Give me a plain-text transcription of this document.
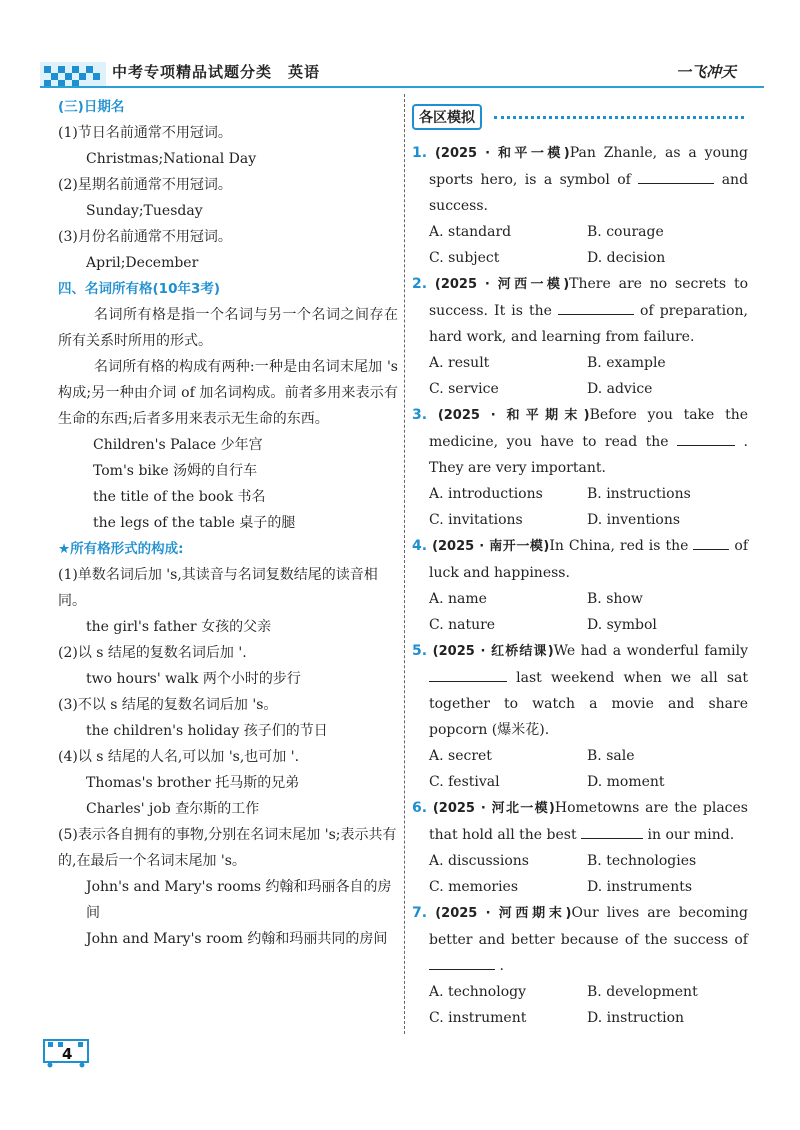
中考专项精品试题分类　英语	一飞冲天
(三)日期名
(1)节日名前通常不用冠词。
Christmas;National Day
(2)星期名前通常不用冠词。
Sunday;Tuesday
(3)月份名前通常不用冠词。
April;December
四、名词所有格(10年3考)
名词所有格是指一个名词与另一个名词之间存在所有关系时所用的形式。
名词所有格的构成有两种:一种是由名词末尾加 's构成;另一种由介词 of 加名词构成。前者多用来表示有生命的东西;后者多用来表示无生命的东西。
Children's Palace 少年宫
Tom's bike 汤姆的自行车
the title of the book 书名
the legs of the table 桌子的腿
★所有格形式的构成:
(1)单数名词后加 's,其读音与名词复数结尾的读音相同。
the girl's father 女孩的父亲
(2)以 s 结尾的复数名词后加 '.
two hours' walk 两个小时的步行
(3)不以 s 结尾的复数名词后加 's。
the children's holiday 孩子们的节日
(4)以 s 结尾的人名,可以加 's,也可加 '.
Thomas's brother 托马斯的兄弟
Charles' job 查尔斯的工作
(5)表示各自拥有的事物,分别在名词末尾加 's;表示共有的,在最后一个名词末尾加 's。
John's and Mary's rooms 约翰和玛丽各自的房间
John and Mary's room 约翰和玛丽共同的房间
各区模拟
1. (2025 · 和平一模)Pan Zhanle, as a young sports hero, is a symbol of	and success.
A. standard	B. courage
C. subject	D. decision
2. (2025 · 河西一模)There are no secrets to success. It is the	of preparation, hard work, and learning from failure.
A. result	B. example
C. service	D. advice
3. (2025 · 和平期末)Before you take the medicine, you have to read the	. They are very important.
A. introductions	B. instructions
C. invitations	D. inventions
4. (2025 · 南开一模)In China, red is the	of luck and happiness.
A. name	B. show
C. nature	D. symbol
5. (2025 · 红桥结课)We had a wonderful family  last weekend when we all sat together to watch a movie and share popcorn (爆米花).
A. secret	B. sale
C. festival	D. moment
6. (2025 · 河北一模)Hometowns are the places that hold all the best	in our mind.
A. discussions	B. technologies
C. memories	D. instruments
7. (2025 · 河西期末)Our lives are becoming better and better because of the success of  .
A. technology	B. development
C. instrument	D. instruction
4
